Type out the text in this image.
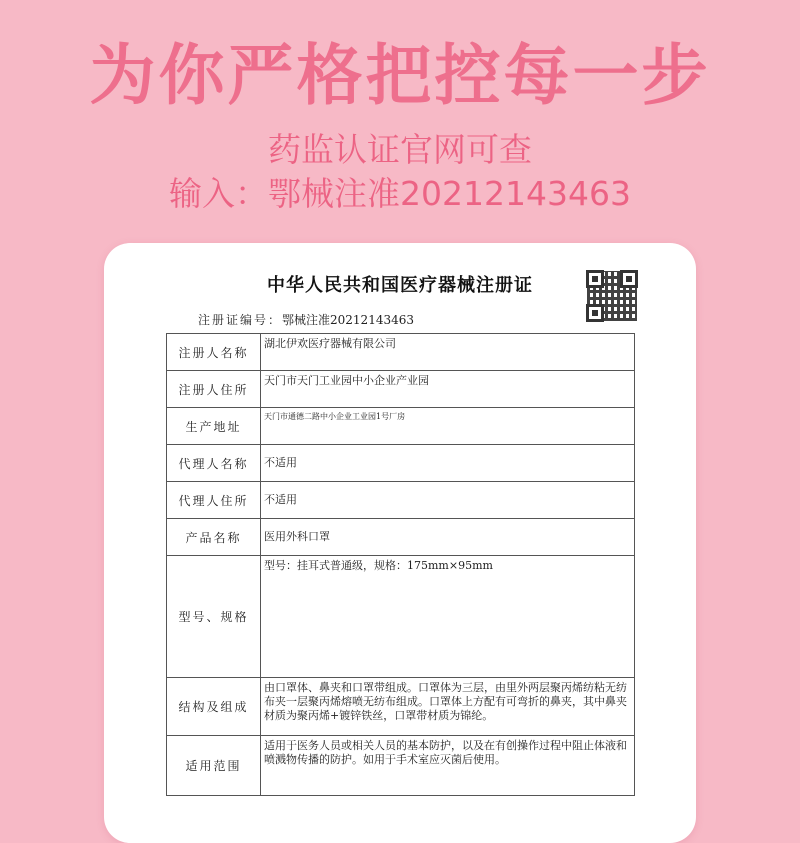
为你严格把控每一步
药监认证官网可查
输入：鄂械注准20212143463
中华人民共和国医疗器械注册证
注册证编号：鄂械注准20212143463
注册人名称	湖北伊欢医疗器械有限公司
注册人住所	天门市天门工业园中小企业产业园
生产地址	天门市通德二路中小企业工业园1号厂房
代理人名称	不适用
代理人住所	不适用
产品名称	医用外科口罩
型号、规格	型号：挂耳式普通级，规格：175mm×95mm
结构及组成	由口罩体、鼻夹和口罩带组成。口罩体为三层，由里外两层聚丙烯纺粘无纺布夹一层聚丙烯熔喷无纺布组成。口罩体上方配有可弯折的鼻夹，其中鼻夹材质为聚丙烯+镀锌铁丝，口罩带材质为锦纶。
适用范围	适用于医务人员或相关人员的基本防护，以及在有创操作过程中阻止体液和喷溅物传播的防护。如用于手术室应灭菌后使用。
